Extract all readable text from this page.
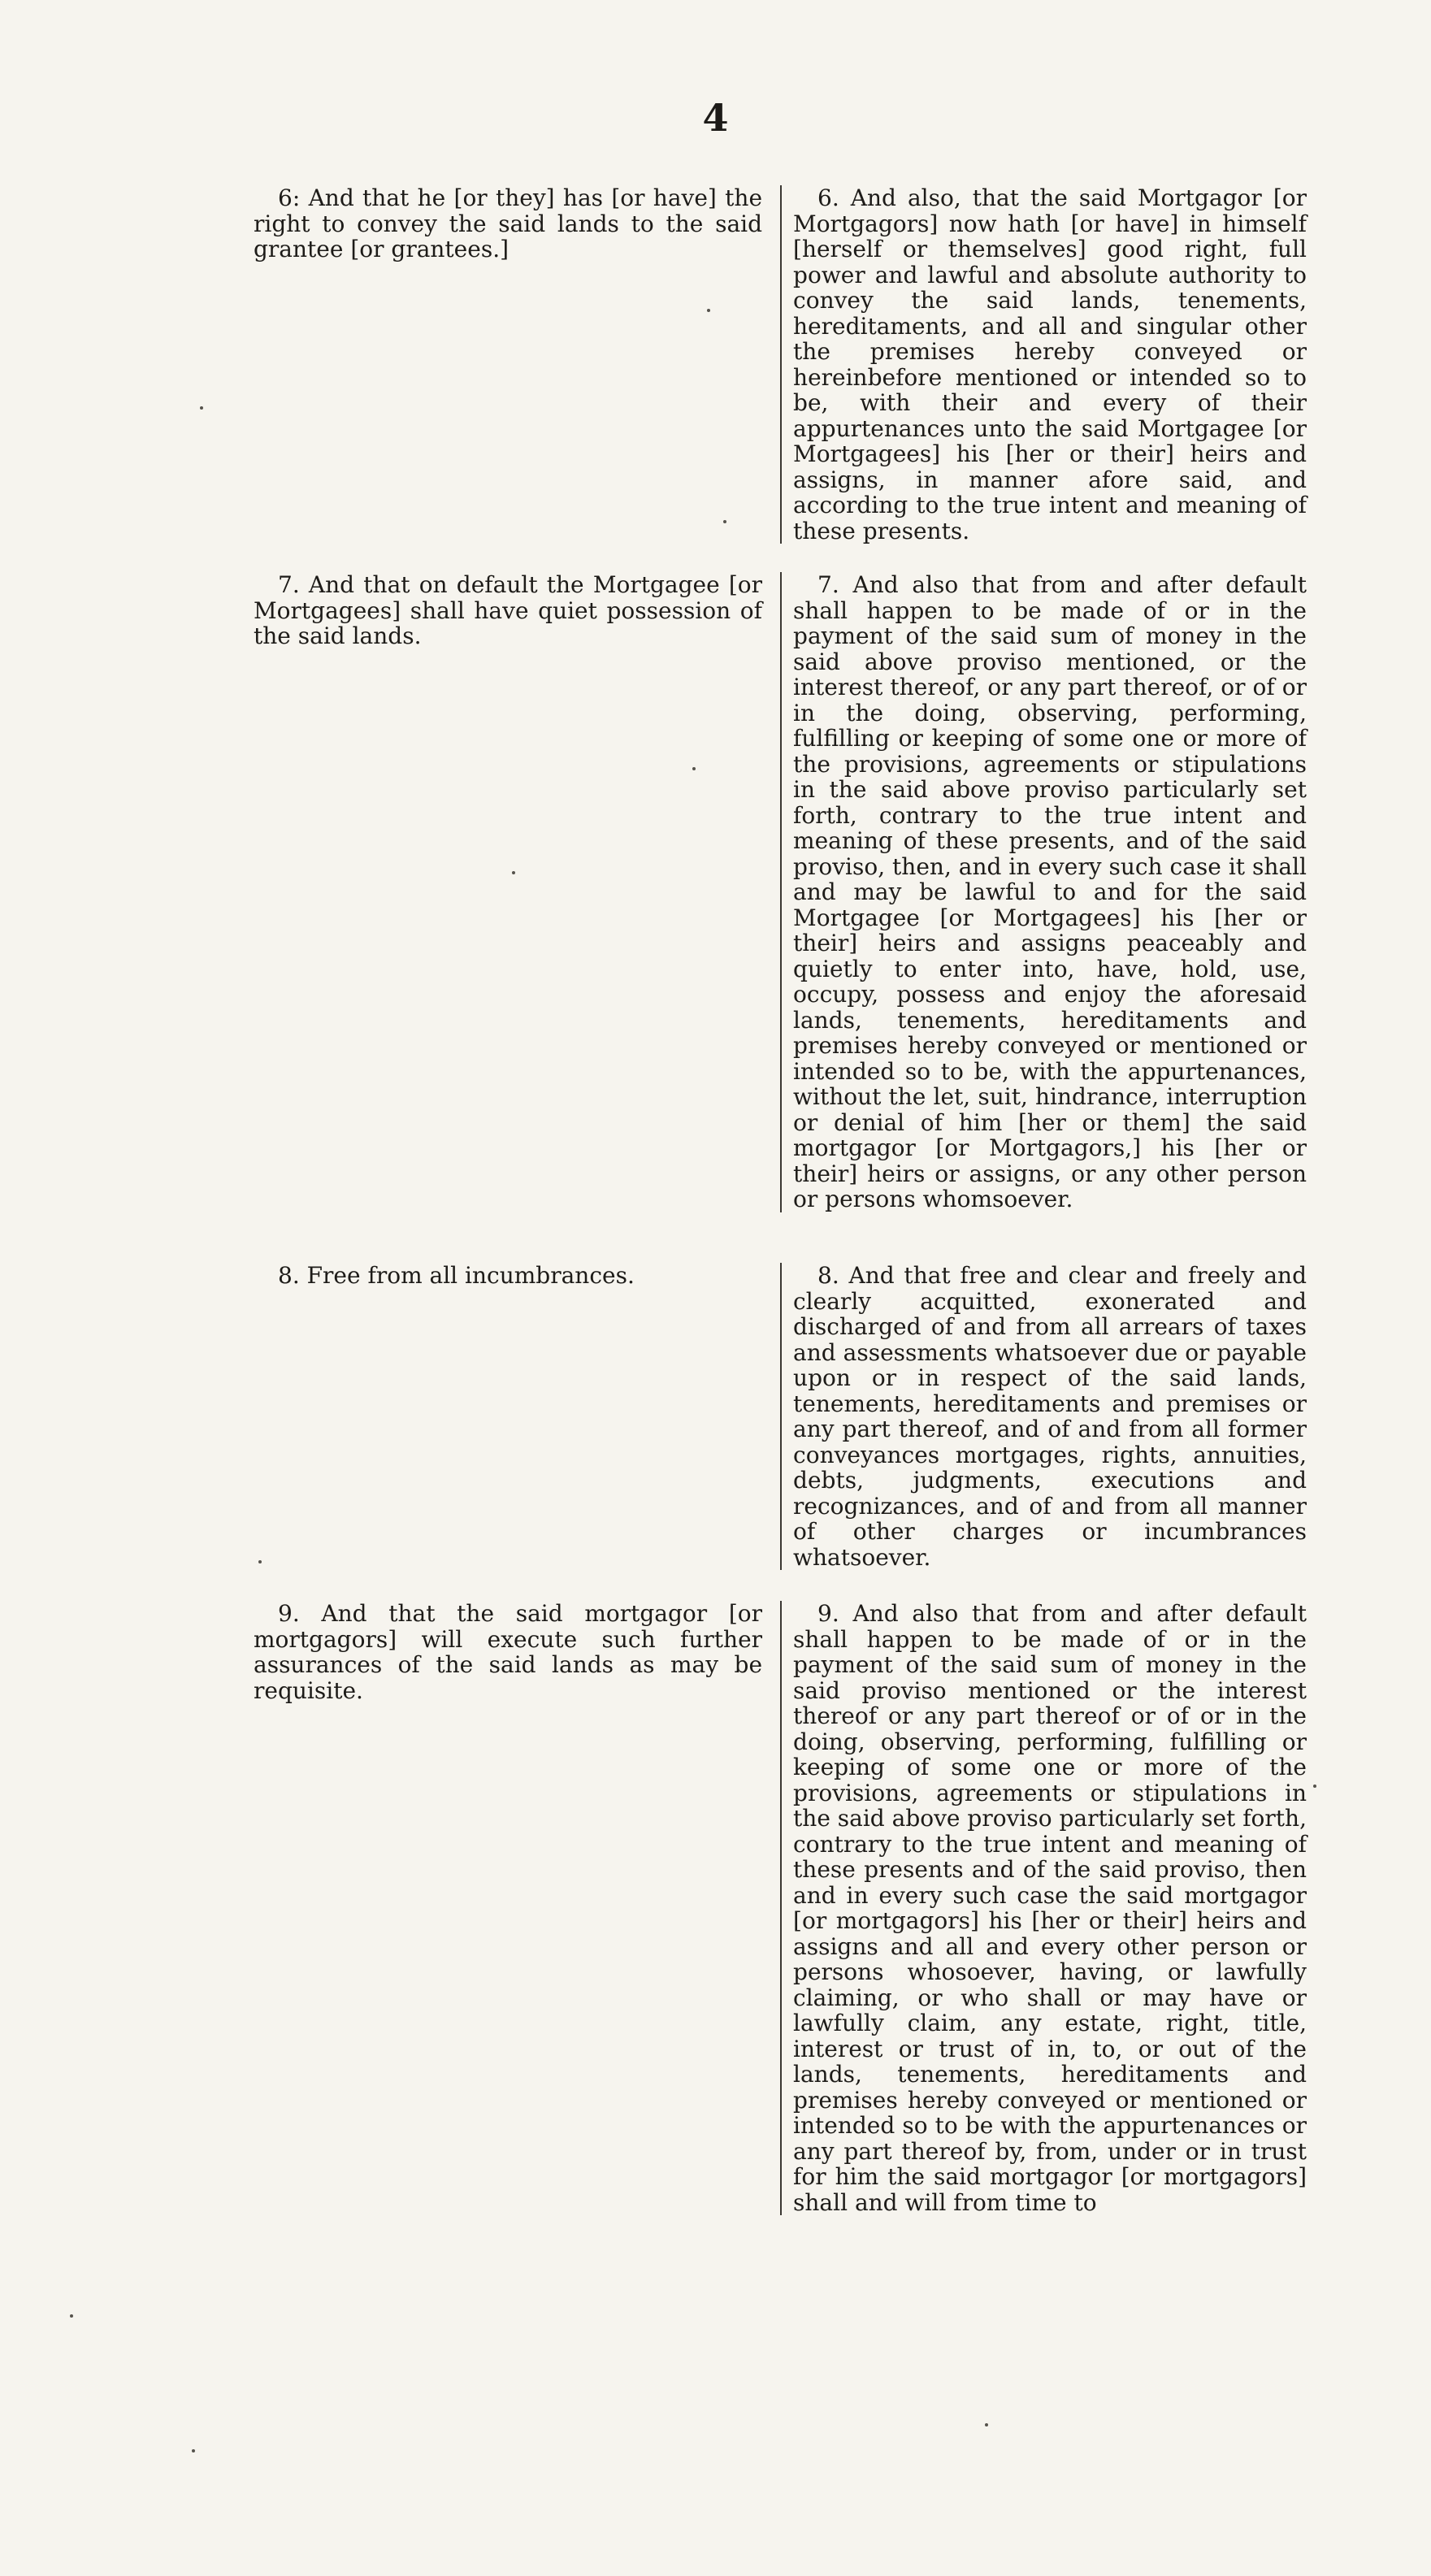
4

6: And that he [or they] has [or have] the right to convey the said lands to the said grantee [or grantees.]

6. And also, that the said Mortgagor [or Mortgagors] now hath [or have] in himself [herself or themselves] good right, full power and lawful and absolute authority to convey the said lands, tenements, hereditaments, and all and singular other the premises hereby conveyed or hereinbefore mentioned or intended so to be, with their and every of their appurtenances unto the said Mortgagee [or Mortgagees] his [her or their] heirs and assigns, in manner afore said, and according to the true intent and meaning of these presents.

7. And that on default the Mortgagee [or Mortgagees] shall have quiet possession of the said lands.

7. And also that from and after default shall happen to be made of or in the payment of the said sum of money in the said above proviso mentioned, or the interest thereof, or any part thereof, or of or in the doing, observing, performing, fulfilling or keeping of some one or more of the provisions, agreements or stipulations in the said above proviso particularly set forth, contrary to the true intent and meaning of these presents, and of the said proviso, then, and in every such case it shall and may be lawful to and for the said Mortgagee [or Mortgagees] his [her or their] heirs and assigns peaceably and quietly to enter into, have, hold, use, occupy, possess and enjoy the aforesaid lands, tenements, hereditaments and premises hereby conveyed or mentioned or intended so to be, with the appurtenances, without the let, suit, hindrance, interruption or denial of him [her or them] the said mortgagor [or Mortgagors,] his [her or their] heirs or assigns, or any other person or persons whomsoever.

8. Free from all incumbrances.	8. And that free and clear and freely and clearly acquitted, exonerated and discharged of and from all arrears of taxes and assessments whatsoever due or payable upon or in respect of the said lands, tenements, hereditaments and premises or any part thereof, and of and from all former conveyances mortgages, rights, annuities, debts, judgments, executions and recognizances, and of and from all manner of other charges or incumbrances whatsoever.

9. And that the said mortgagor [or mortgagors] will execute such further assurances of the said lands as may be requisite.

9. And also that from and after default shall happen to be made of or in the payment of the said sum of money in the said proviso mentioned or the interest thereof or any part thereof or of or in the doing, observing, performing, fulfilling or keeping of some one or more of the provisions, agreements or stipulations in the said above proviso particularly set forth, contrary to the true intent and meaning of these presents and of the said proviso, then and in every such case the said mortgagor [or mortgagors] his [her or their] heirs and assigns and all and every other person or persons whosoever, having, or lawfully claiming, or who shall or may have or lawfully claim, any estate, right, title, interest or trust of in, to, or out of the lands, tenements, hereditaments and premises hereby conveyed or mentioned or intended so to be with the appurtenances or any part thereof by, from, under or in trust for him the said mortgagor [or mortgagors] shall and will from time to
